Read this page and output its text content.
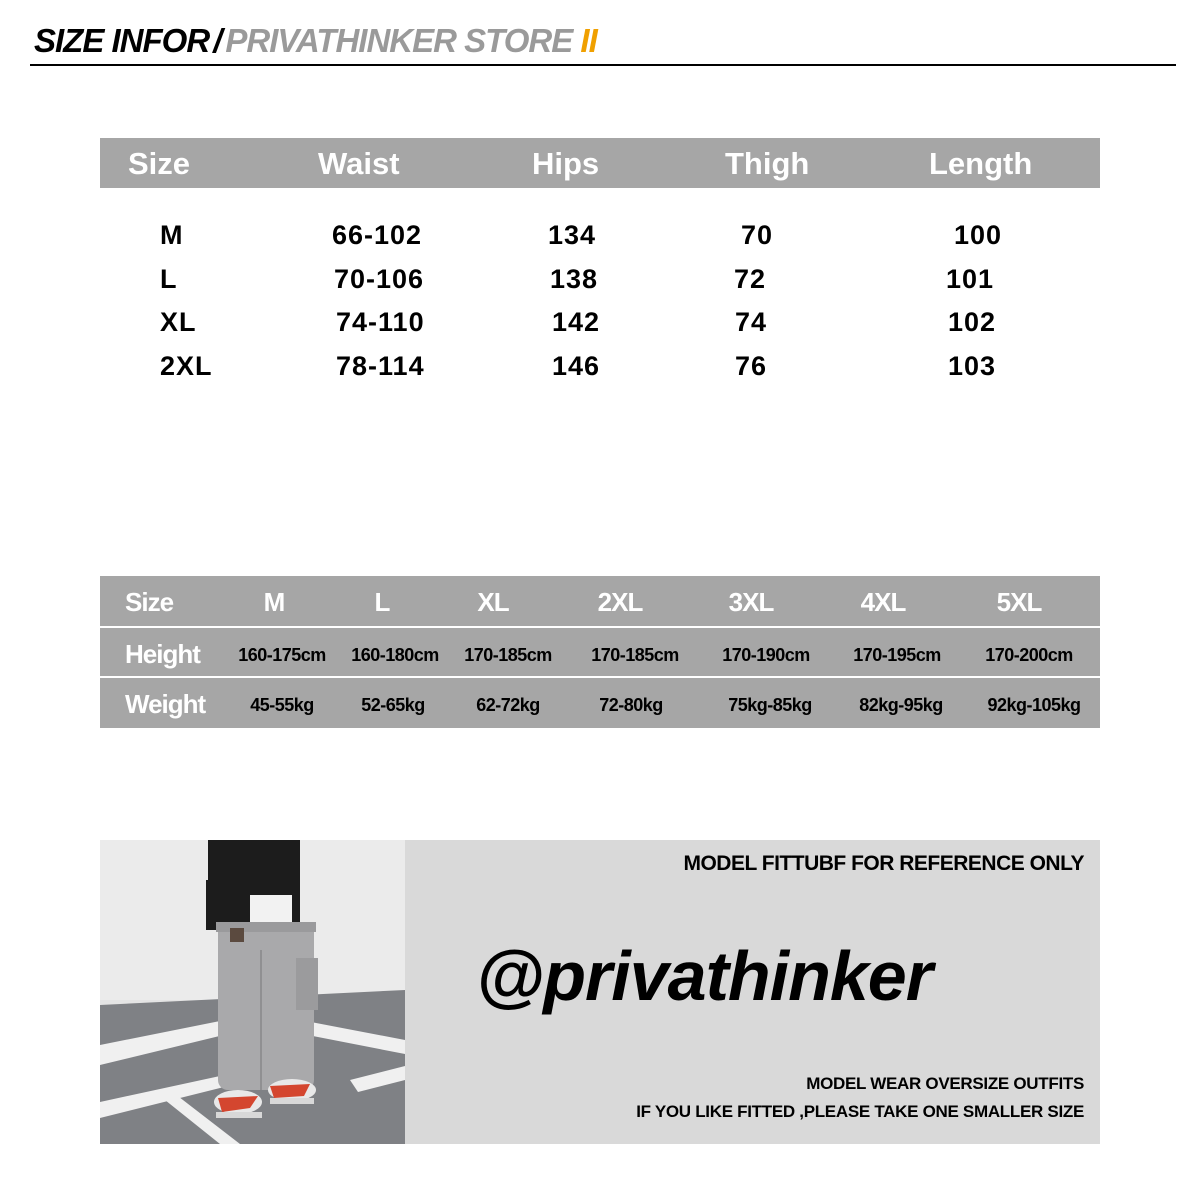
SIZE INFOR / PRIVATHINKER STORE II
Size	Waist	Hips	Thigh	Length
M	66-102	134	70	100
L	70-106	138	72	101
XL	74-110	142	74	102
2XL	78-114	146	76	103
Size	M	L	XL	2XL	3XL	4XL	5XL
Height	160-175cm	160-180cm	170-185cm	170-185cm	170-190cm	170-195cm	170-200cm
Weight	45-55kg	52-65kg	62-72kg	72-80kg	75kg-85kg	82kg-95kg	92kg-105kg
MODEL FITTUBF FOR REFERENCE ONLY
@privathinker
MODEL WEAR OVERSIZE OUTFITS
IF YOU LIKE FITTED ,PLEASE TAKE ONE SMALLER SIZE
